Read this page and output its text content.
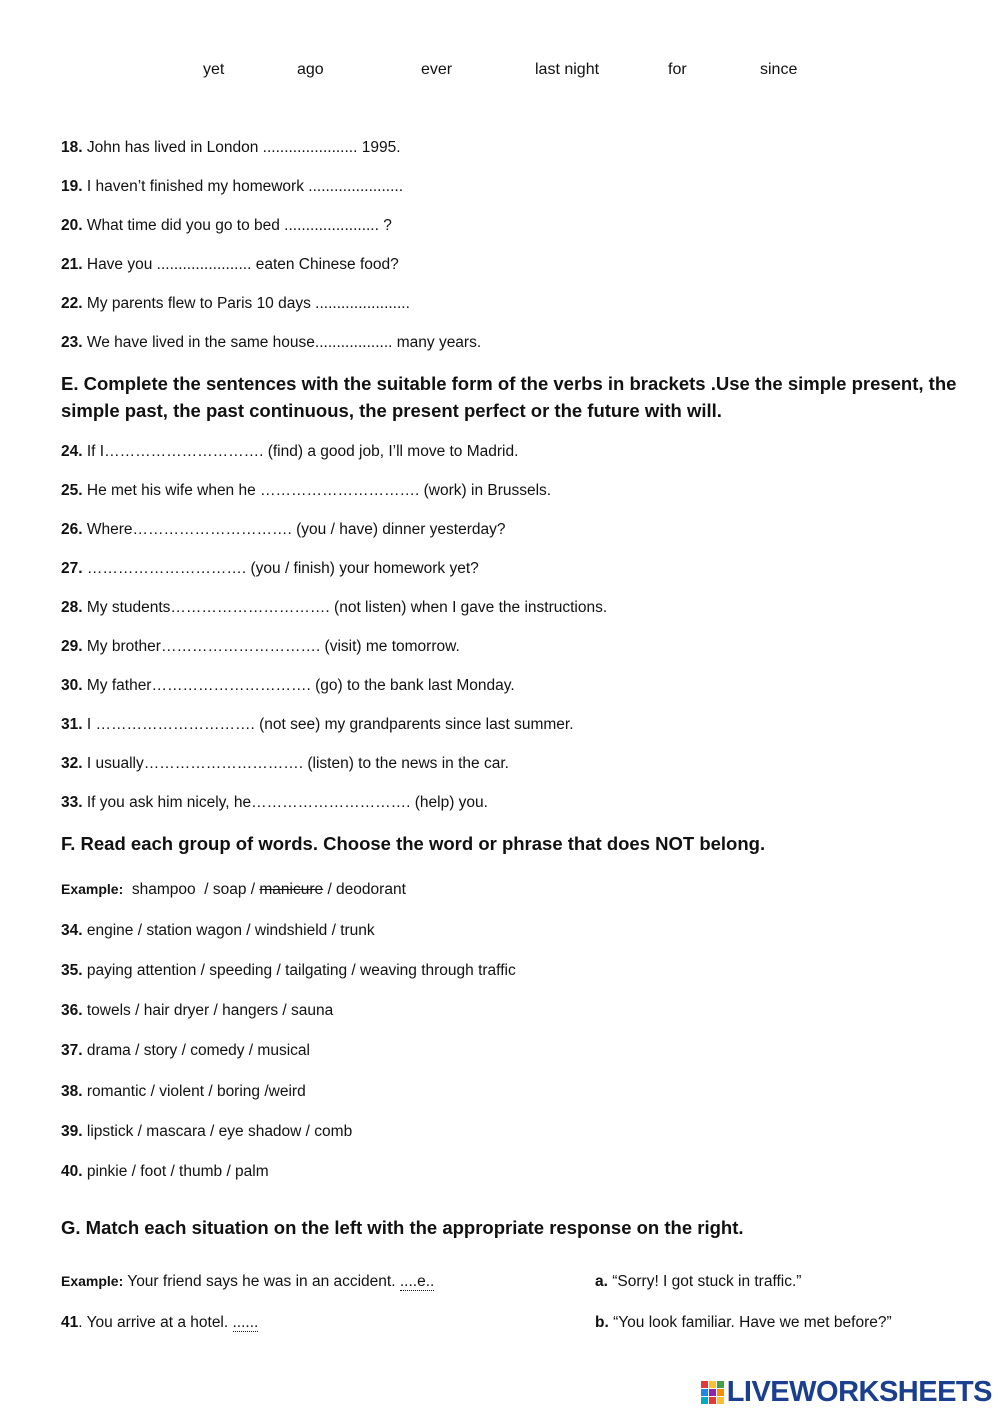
yet	ago	ever	last night	for	since
18. John has lived in London ...................... 1995.
19. I haven’t finished my homework ......................
20. What time did you go to bed ...................... ?
21. Have you ...................... eaten Chinese food?
22. My parents flew to Paris 10 days ......................
23. We have lived in the same house.................. many years.
E. Complete the sentences with the suitable form of the verbs in brackets .Use the simple present, the simple past, the past continuous, the present perfect or the future with will.
24. If I…………………………. (find) a good job, I’ll move to Madrid.
25. He met his wife when he …………………………. (work) in Brussels.
26. Where…………………………. (you / have) dinner yesterday?
27. …………………………. (you / finish) your homework yet?
28. My students…………………………. (not listen) when I gave the instructions.
29. My brother…………………………. (visit) me tomorrow.
30. My father…………………………. (go) to the bank last Monday.
31. I …………………………. (not see) my grandparents since last summer.
32. I usually…………………………. (listen) to the news in the car.
33. If you ask him nicely, he…………………………. (help) you.
F. Read each group of words. Choose the word or phrase that does NOT belong.
Example:  shampoo  / soap / manicure / deodorant
34. engine / station wagon / windshield / trunk
35. paying attention / speeding / tailgating / weaving through traffic
36. towels / hair dryer / hangers / sauna
37. drama / story / comedy / musical
38. romantic / violent / boring /weird
39. lipstick / mascara / eye shadow / comb
40. pinkie / foot / thumb / palm
G. Match each situation on the left with the appropriate response on the right.
Example: Your friend says he was in an accident. ....e..
41. You arrive at a hotel. ......
a. “Sorry! I got stuck in traffic.”
b. “You look familiar. Have we met before?”
LIVEWORKSHEETS
